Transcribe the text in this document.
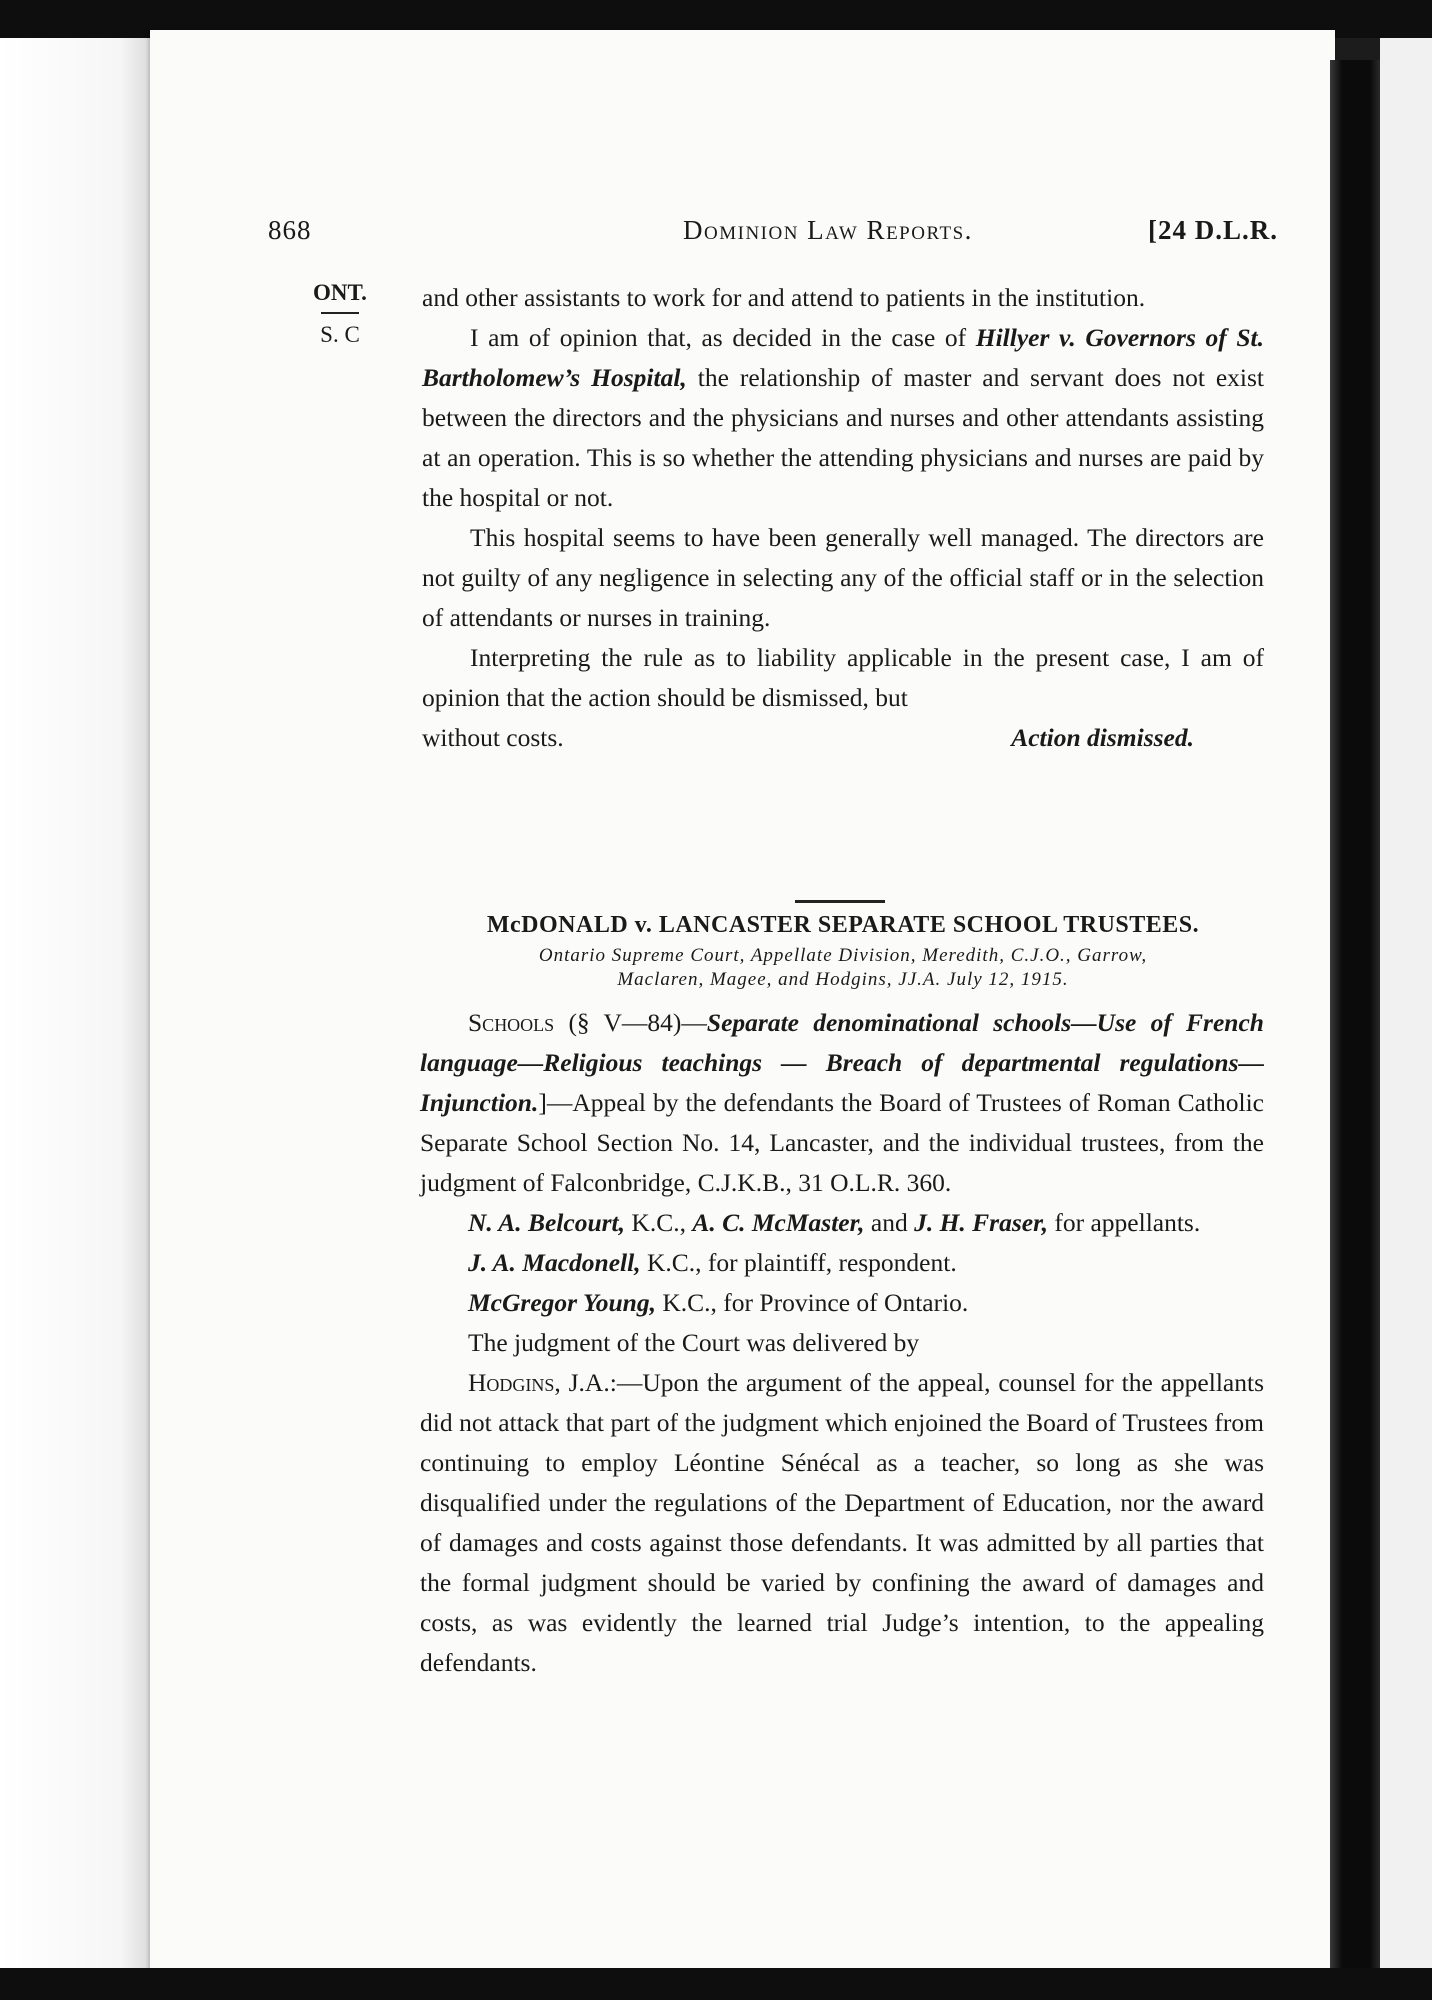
868	Dominion Law Reports.	[24 D.L.R.
ONT.
S. C

and other assistants to work for and attend to patients in the institution.

I am of opinion that, as decided in the case of Hillyer v. Governors of St. Bartholomew’s Hospital, the relationship of master and servant does not exist between the directors and the physicians and nurses and other attendants assisting at an operation. This is so whether the attending physicians and nurses are paid by the hospital or not.

This hospital seems to have been generally well managed. The directors are not guilty of any negligence in selecting any of the official staff or in the selection of attendants or nurses in training.

Interpreting the rule as to liability applicable in the present case, I am of opinion that the action should be dismissed, but

without costs.	Action dismissed.
McDONALD v. LANCASTER SEPARATE SCHOOL TRUSTEES.
Ontario Supreme Court, Appellate Division, Meredith, C.J.O., Garrow,
Maclaren, Magee, and Hodgins, JJ.A. July 12, 1915.

Schools (§ V—84)—Separate denominational schools—Use of French language—Religious teachings — Breach of departmental regulations—Injunction.]—Appeal by the defendants the Board of Trustees of Roman Catholic Separate School Section No. 14, Lancaster, and the individual trustees, from the judgment of Falconbridge, C.J.K.B., 31 O.L.R. 360.

N. A. Belcourt, K.C., A. C. McMaster, and J. H. Fraser, for appellants.

J. A. Macdonell, K.C., for plaintiff, respondent.

McGregor Young, K.C., for Province of Ontario.

The judgment of the Court was delivered by

Hodgins, J.A.:—Upon the argument of the appeal, counsel for the appellants did not attack that part of the judgment which enjoined the Board of Trustees from continuing to employ Léontine Sénécal as a teacher, so long as she was disqualified under the regulations of the Department of Education, nor the award of damages and costs against those defendants. It was admitted by all parties that the formal judgment should be varied by confining the award of damages and costs, as was evidently the learned trial Judge’s intention, to the appealing defendants.
